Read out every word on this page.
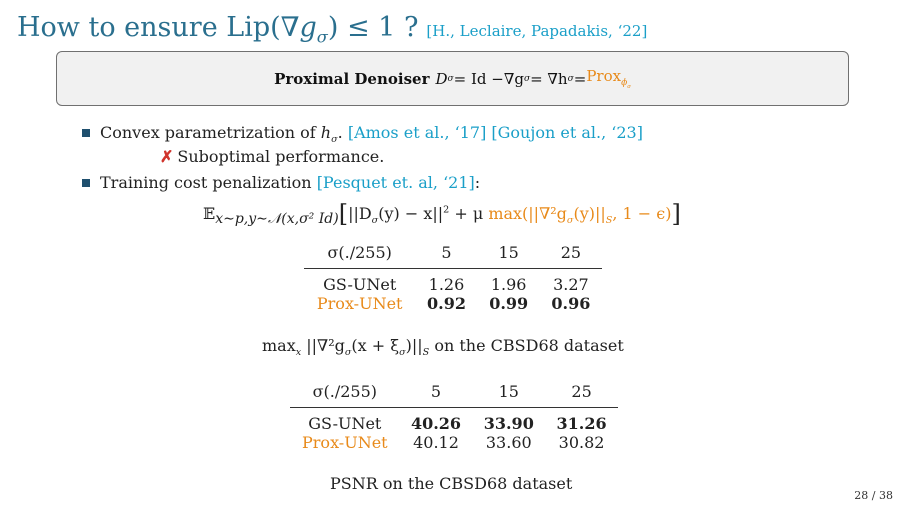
How to ensure $Lip(\nabla g_\sigma) \le 1$ ? [H., Leclaire, Papadakis, ‘22]
Proximal Denoiser D σ = Id −∇g σ = ∇h σ = Prox$_{\phi_\sigma}$
Convex parametrization of $h_\sigma$. [Amos et al., ‘17] [Goujon et al., ‘23]
✗ Suboptimal performance.
Training cost penalization [Pesquet et. al, ‘21]:
$𝔼_{x\sim p,y\sim 𝒩(x,\sigma^2 Id)}[||D_\sigma(y) - x||^2 + \mu$ $\max(||\nabla^2g_\sigma(y)||_S$, 1 − ϵ)]
σ(./255)	5	15	25
GS-UNet	1.26	1.96	3.27
Prox-UNet	0.92	0.99	0.96
$\max_x ||\nabla^2g_\sigma(x + \xi_\sigma)||_S$ on the CBSD68 dataset
σ(./255)	5	15	25
GS-UNet	40.26	33.90	31.26
Prox-UNet	40.12	33.60	30.82
PSNR on the CBSD68 dataset
28 / 38
